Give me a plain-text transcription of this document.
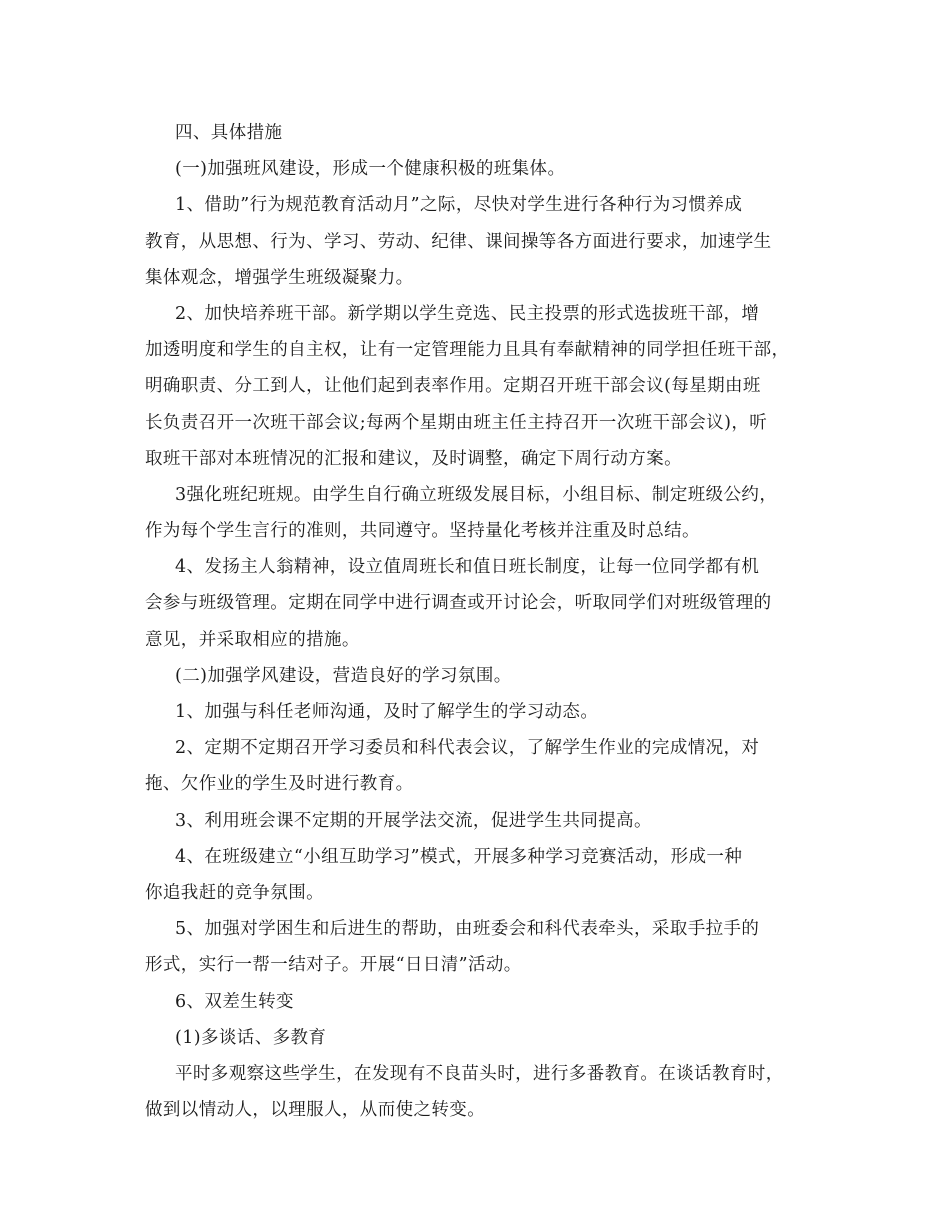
四、具体措施

(一)加强班风建设，形成一个健康积极的班集体。

1、借助”行为规范教育活动月”之际，尽快对学生进行各种行为习惯养成

教育，从思想、行为、学习、劳动、纪律、课间操等各方面进行要求，加速学生

集体观念，增强学生班级凝聚力。

2、加快培养班干部。新学期以学生竞选、民主投票的形式选拔班干部，增

加透明度和学生的自主权，让有一定管理能力且具有奉献精神的同学担任班干部，

明确职责、分工到人，让他们起到表率作用。定期召开班干部会议(每星期由班

长负责召开一次班干部会议;每两个星期由班主任主持召开一次班干部会议)，听

取班干部对本班情况的汇报和建议，及时调整，确定下周行动方案。

3强化班纪班规。由学生自行确立班级发展目标，小组目标、制定班级公约，

作为每个学生言行的准则，共同遵守。坚持量化考核并注重及时总结。

4、发扬主人翁精神，设立值周班长和值日班长制度，让每一位同学都有机

会参与班级管理。定期在同学中进行调查或开讨论会，听取同学们对班级管理的

意见，并采取相应的措施。

(二)加强学风建设，营造良好的学习氛围。

1、加强与科任老师沟通，及时了解学生的学习动态。

2、定期不定期召开学习委员和科代表会议，了解学生作业的完成情况，对

拖、欠作业的学生及时进行教育。

3、利用班会课不定期的开展学法交流，促进学生共同提高。

4、在班级建立“小组互助学习”模式，开展多种学习竞赛活动，形成一种

你追我赶的竞争氛围。

5、加强对学困生和后进生的帮助，由班委会和科代表牵头，采取手拉手的

形式，实行一帮一结对子。开展“日日清”活动。

6、双差生转变

(1)多谈话、多教育

平时多观察这些学生，在发现有不良苗头时，进行多番教育。在谈话教育时，

做到以情动人，以理服人，从而使之转变。
